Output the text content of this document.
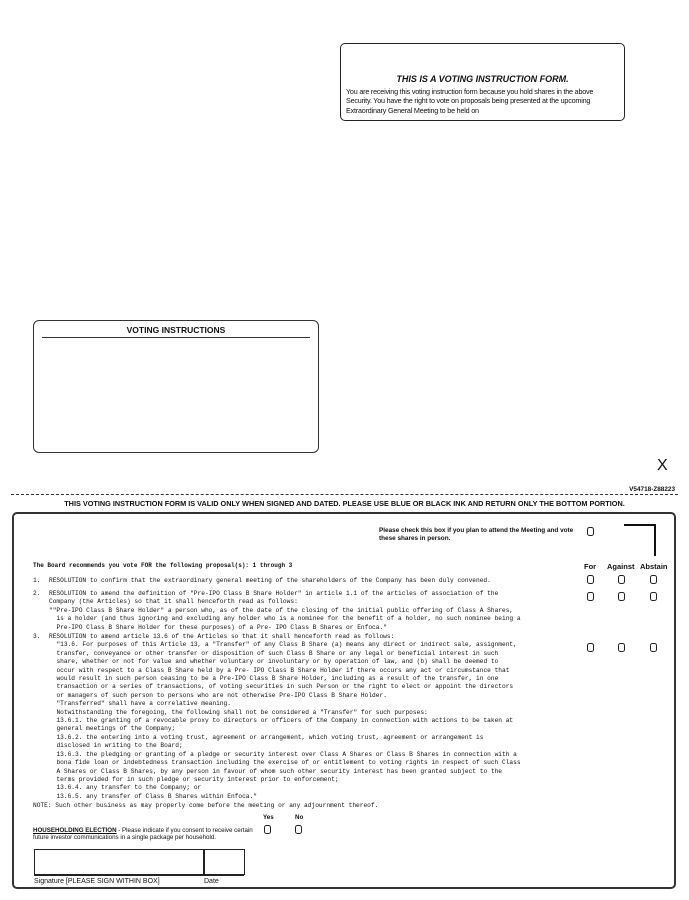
THIS IS A VOTING INSTRUCTION FORM.
You are receiving this voting instruction form because you hold shares in the above Security. You have the right to vote on proposals being presented at the upcoming Extraordinary General Meeting to be held on
VOTING INSTRUCTIONS
X
V54718-Z88223
THIS VOTING INSTRUCTION FORM IS VALID ONLY WHEN SIGNED AND DATED. PLEASE USE BLUE OR BLACK INK AND RETURN ONLY THE BOTTOM PORTION.
Please check this box if you plan to attend the Meeting and vote these shares in person.
The Board recommends you vote FOR the following proposal(s): 1 through 3	For Against Abstain
1. RESOLUTION to confirm that the extraordinary general meeting of the shareholders of the Company has been duly convened.
2. RESOLUTION to amend the definition of "Pre-IPO Class B Share Holder" in article 1.1 of the articles of association of the
Company (the Articles) so that it shall henceforth read as follows:
""Pre-IPO Class B Share Holder" a person who, as of the date of the closing of the initial public offering of Class A Shares,
is a holder (and thus ignoring and excluding any holder who is a nominee for the benefit of a holder, no such nominee being a
Pre-IPO Class B Share Holder for these purposes) of a Pre- IPO Class B Shares or Enfoca."
3. RESOLUTION to amend article 13.6 of the Articles so that it shall henceforth read as follows:
"13.6. For purposes of this Article 13, a "Transfer" of any Class B Share (a) means any direct or indirect sale, assignment,
transfer, conveyance or other transfer or disposition of such Class B Share or any legal or beneficial interest in such
share, whether or not for value and whether voluntary or involuntary or by operation of law, and (b) shall be deemed to
occur with respect to a Class B Share held by a Pre- IPO Class B Share Holder if there occurs any act or circumstance that
would result in such person ceasing to be a Pre-IPO Class B Share Holder, including as a result of the transfer, in one
transaction or a series of transactions, of voting securities in such Person or the right to elect or appoint the directors
or managers of such person to persons who are not otherwise Pre-IPO Class B Share Holder.
"Transferred" shall have a correlative meaning.
Notwithstanding the foregoing, the following shall not be considered a "Transfer" for such purposes:
13.6.1. the granting of a revocable proxy to directors or officers of the Company in connection with actions to be taken at
general meetings of the Company;
13.6.2. the entering into a voting trust, agreement or arrangement, which voting trust, agreement or arrangement is
disclosed in writing to the Board;
13.6.3. the pledging or granting of a pledge or security interest over Class A Shares or Class B Shares in connection with a
bona fide loan or indebtedness transaction including the exercise of or entitlement to voting rights in respect of such Class
A Shares or Class B Shares, by any person in favour of whom such other security interest has been granted subject to the
terms provided for in such pledge or security interest prior to enforcement;
13.6.4. any transfer to the Company; or
13.6.5. any transfer of Class B Shares within Enfoca."
NOTE: Such other business as may properly come before the meeting or any adjournment thereof.
HOUSEHOLDING ELECTION - Please indicate if you consent to receive certain future investor communications in a single package per household.
Yes	No
Signature [PLEASE SIGN WITHIN BOX]	Date
